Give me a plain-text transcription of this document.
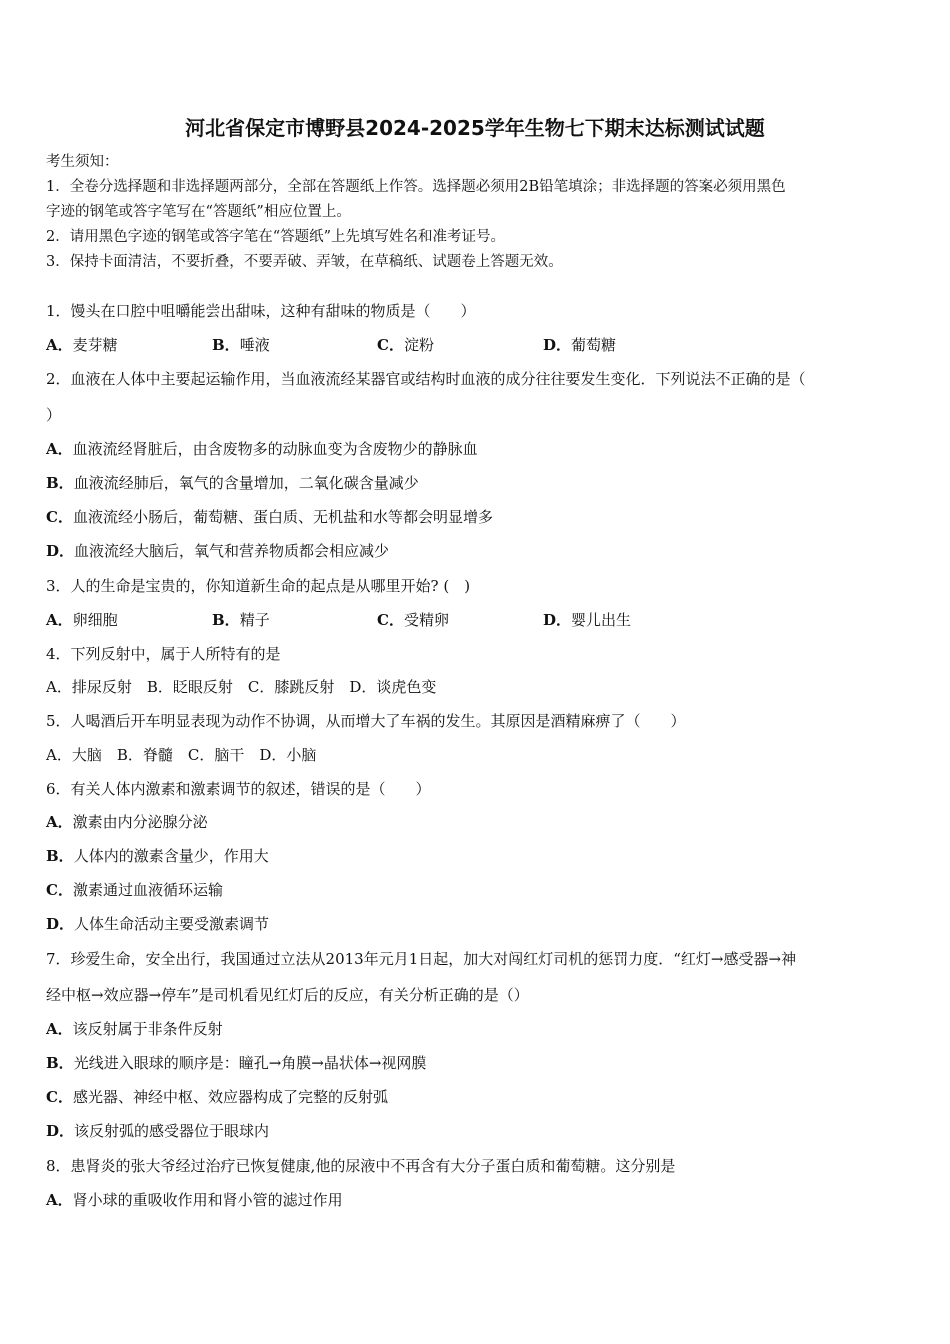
河北省保定市博野县2024-2025学年生物七下期末达标测试试题
考生须知：
1．全卷分选择题和非选择题两部分，全部在答题纸上作答。选择题必须用2B铅笔填涂；非选择题的答案必须用黑色
字迹的钢笔或答字笔写在“答题纸”相应位置上。
2．请用黑色字迹的钢笔或答字笔在“答题纸”上先填写姓名和准考证号。
3．保持卡面清洁，不要折叠，不要弄破、弄皱，在草稿纸、试题卷上答题无效。
1．馒头在口腔中咀嚼能尝出甜味，这种有甜味的物质是（　　）
A．麦芽糖	B．唾液	C．淀粉	D．葡萄糖
2．血液在人体中主要起运输作用，当血液流经某器官或结构时血液的成分往往要发生变化．下列说法不正确的是（
）
A．血液流经肾脏后，由含废物多的动脉血变为含废物少的静脉血
B．血液流经肺后，氧气的含量增加，二氧化碳含量减少
C．血液流经小肠后，葡萄糖、蛋白质、无机盐和水等都会明显增多
D．血液流经大脑后，氧气和营养物质都会相应减少
3．人的生命是宝贵的，你知道新生命的起点是从哪里开始? (　)
A．卵细胞	B．精子	C．受精卵	D．婴儿出生
4．下列反射中，属于人所特有的是
A．排尿反射　B．眨眼反射　C．膝跳反射　D．谈虎色变
5．人喝酒后开车明显表现为动作不协调，从而增大了车祸的发生。其原因是酒精麻痹了（　　）
A．大脑　B．脊髓　C．脑干　D．小脑
6．有关人体内激素和激素调节的叙述，错误的是（　　）
A．激素由内分泌腺分泌
B．人体内的激素含量少，作用大
C．激素通过血液循环运输
D．人体生命活动主要受激素调节
7．珍爱生命，安全出行，我国通过立法从2013年元月1日起，加大对闯红灯司机的惩罚力度．“红灯→感受器→神
经中枢→效应器→停车”是司机看见红灯后的反应，有关分析正确的是（）
A．该反射属于非条件反射
B．光线进入眼球的顺序是：瞳孔→角膜→晶状体→视网膜
C．感光器、神经中枢、效应器构成了完整的反射弧
D．该反射弧的感受器位于眼球内
8．患肾炎的张大爷经过治疗已恢复健康,他的尿液中不再含有大分子蛋白质和葡萄糖。这分别是
A．肾小球的重吸收作用和肾小管的滤过作用
